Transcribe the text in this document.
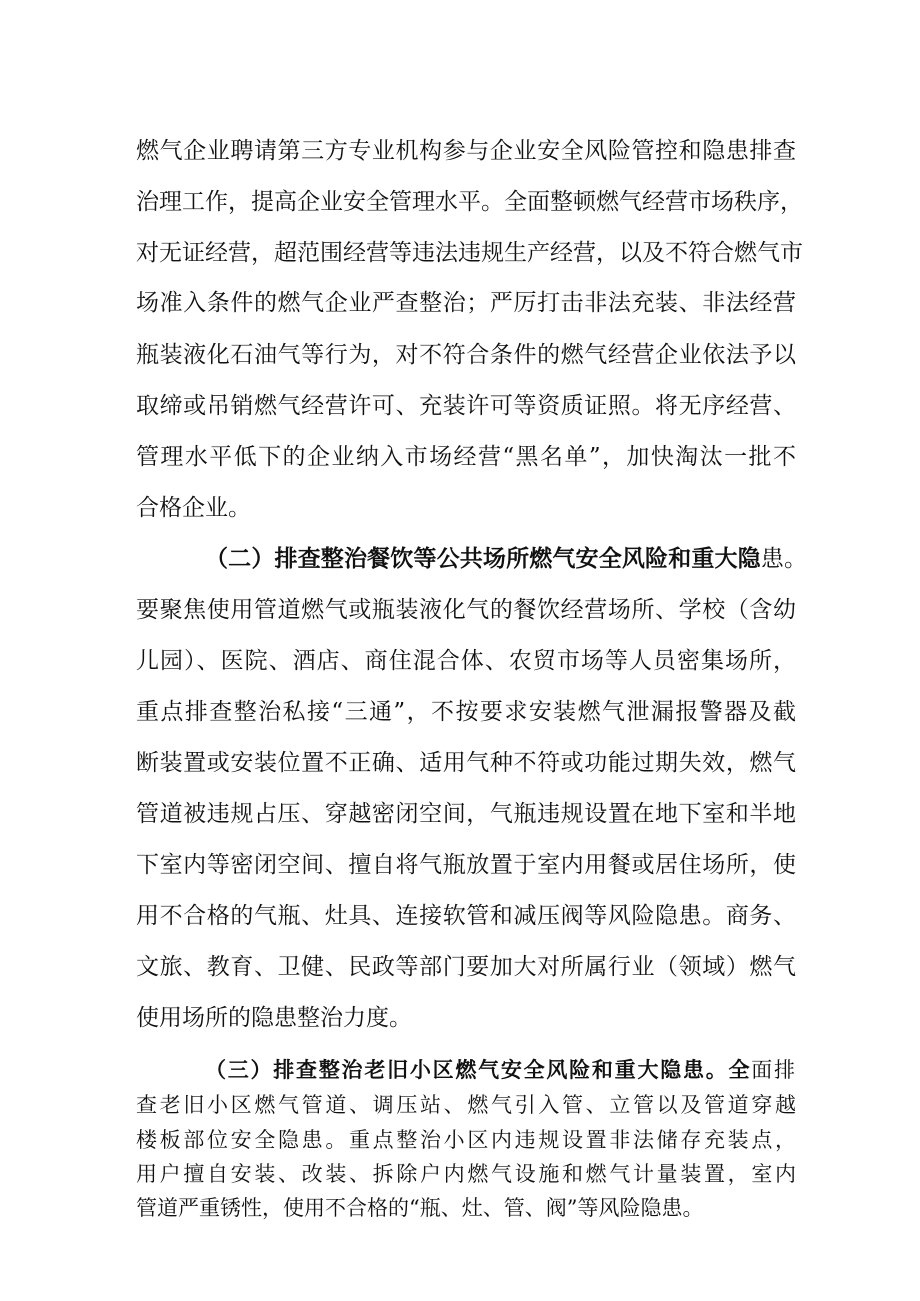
燃气企业聘请第三方专业机构参与企业安全风险管控和隐患排查
治理工作，提高企业安全管理水平。全面整顿燃气经营市场秩序，
对无证经营，超范围经营等违法违规生产经营，以及不符合燃气市
场准入条件的燃气企业严查整治；严厉打击非法充装、非法经营
瓶装液化石油气等行为，对不符合条件的燃气经营企业依法予以
取缔或吊销燃气经营许可、充装许可等资质证照。将无序经营、
管理水平低下的企业纳入市场经营“黑名单”，加快淘汰一批不
合格企业。
（二）排查整治餐饮等公共场所燃气安全风险和重大隐患。
要聚焦使用管道燃气或瓶装液化气的餐饮经营场所、学校（含幼
儿园）、医院、酒店、商住混合体、农贸市场等人员密集场所，
重点排查整治私接“三通”，不按要求安装燃气泄漏报警器及截
断装置或安装位置不正确、适用气种不符或功能过期失效，燃气
管道被违规占压、穿越密闭空间，气瓶违规设置在地下室和半地
下室内等密闭空间、擅自将气瓶放置于室内用餐或居住场所，使
用不合格的气瓶、灶具、连接软管和减压阀等风险隐患。商务、
文旅、教育、卫健、民政等部门要加大对所属行业（领域）燃气
使用场所的隐患整治力度。
（三）排查整治老旧小区燃气安全风险和重大隐患。全面排
查老旧小区燃气管道、调压站、燃气引入管、立管以及管道穿越
楼板部位安全隐患。重点整治小区内违规设置非法储存充装点，
用户擅自安装、改装、拆除户内燃气设施和燃气计量装置，室内
管道严重锈性，使用不合格的“瓶、灶、管、阀”等风险隐患。
